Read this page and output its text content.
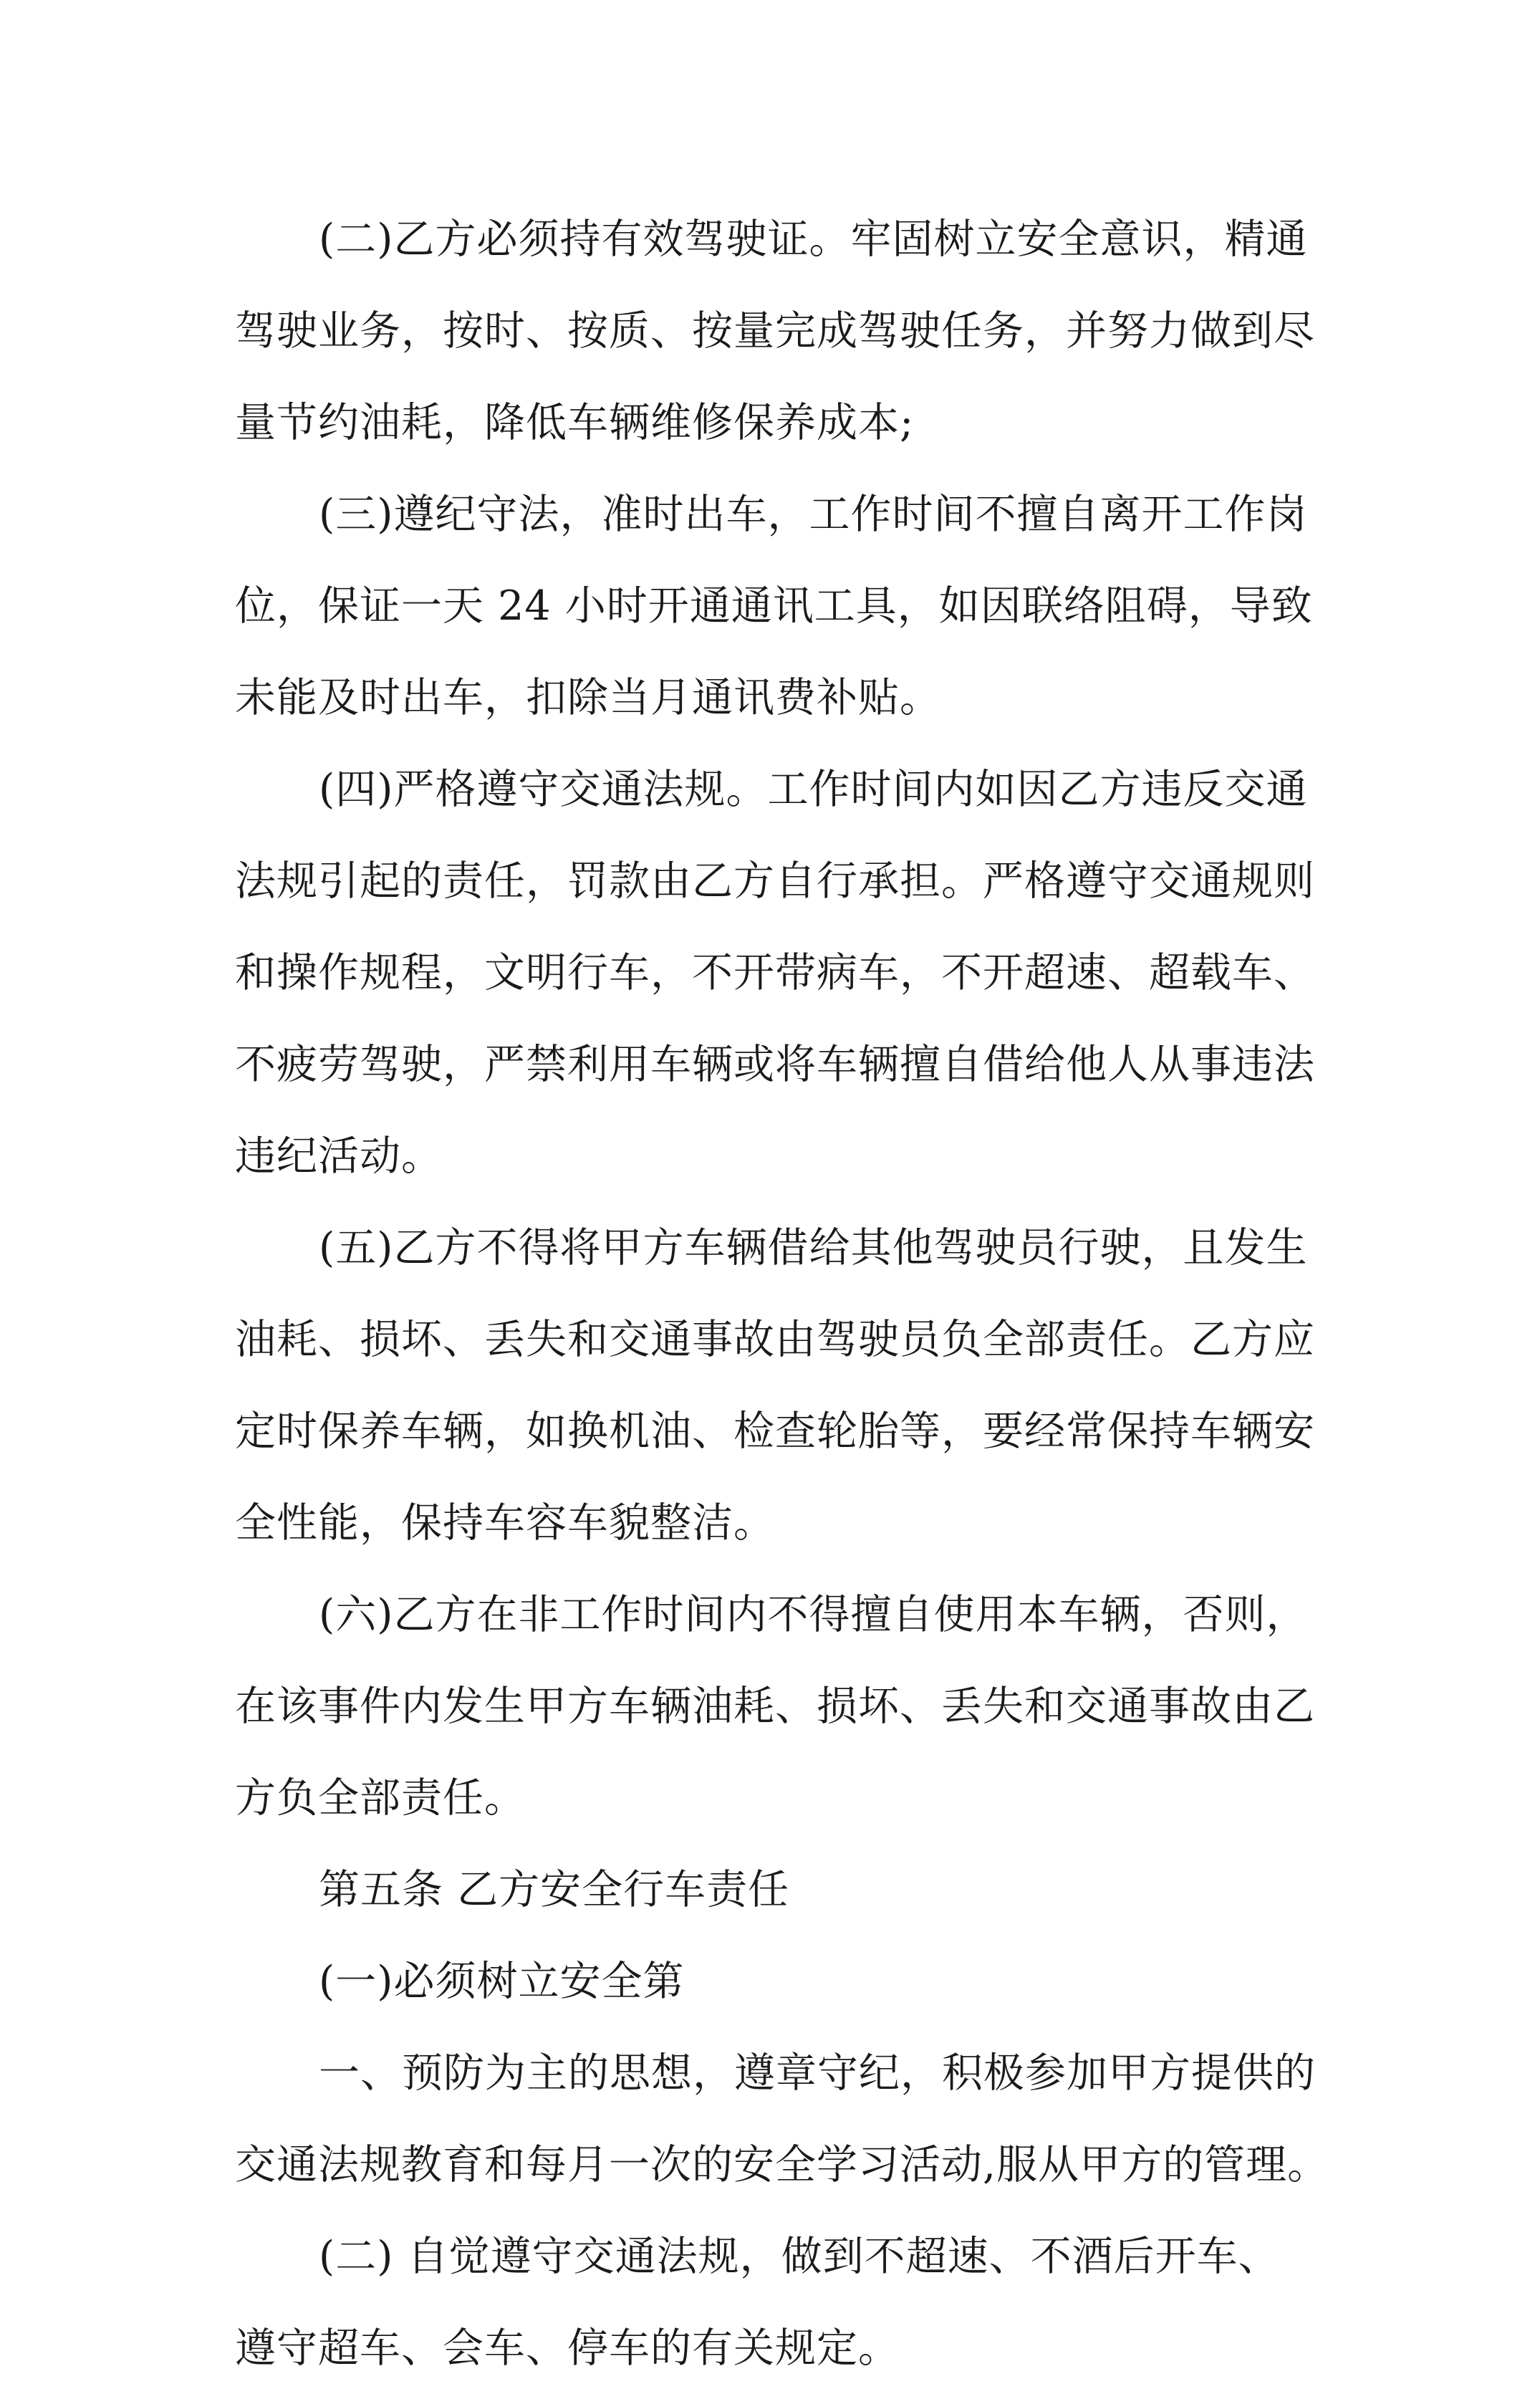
(二)乙方必须持有效驾驶证。牢固树立安全意识，精通
驾驶业务，按时、按质、按量完成驾驶任务，并努力做到尽
量节约油耗，降低车辆维修保养成本;
(三)遵纪守法，准时出车，工作时间不擅自离开工作岗
位，保证一天 24 小时开通通讯工具，如因联络阻碍，导致
未能及时出车，扣除当月通讯费补贴。
(四)严格遵守交通法规。工作时间内如因乙方违反交通
法规引起的责任，罚款由乙方自行承担。严格遵守交通规则
和操作规程，文明行车，不开带病车，不开超速、超载车、
不疲劳驾驶，严禁利用车辆或将车辆擅自借给他人从事违法
违纪活动。
(五)乙方不得将甲方车辆借给其他驾驶员行驶，且发生
油耗、损坏、丢失和交通事故由驾驶员负全部责任。乙方应
定时保养车辆，如换机油、检查轮胎等，要经常保持车辆安
全性能，保持车容车貌整洁。
(六)乙方在非工作时间内不得擅自使用本车辆，否则，
在该事件内发生甲方车辆油耗、损坏、丢失和交通事故由乙
方负全部责任。
第五条 乙方安全行车责任
(一)必须树立安全第
一、预防为主的思想，遵章守纪，积极参加甲方提供的
交通法规教育和每月一次的安全学习活动,服从甲方的管理。
(二) 自觉遵守交通法规，做到不超速、不酒后开车、
遵守超车、会车、停车的有关规定。
